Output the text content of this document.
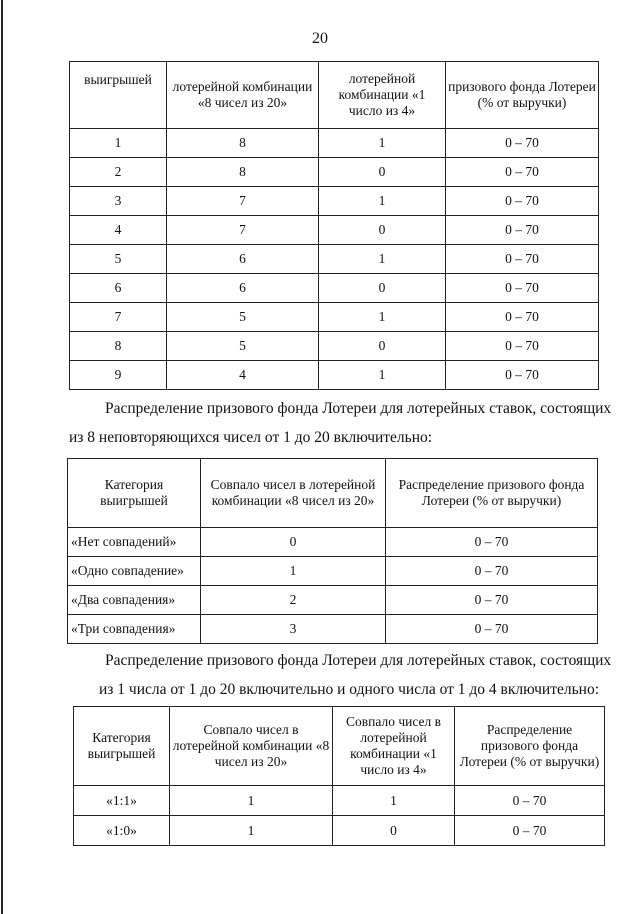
20
выигрышей	лотерейной комбинации «8 чисел из 20»	лотерейной комбинации «1 число из 4»	призового фонда Лотереи (% от выручки)
1	8	1	0 – 70
2	8	0	0 – 70
3	7	1	0 – 70
4	7	0	0 – 70
5	6	1	0 – 70
6	6	0	0 – 70
7	5	1	0 – 70
8	5	0	0 – 70
9	4	1	0 – 70
Распределение призового фонда Лотереи для лотерейных ставок, состоящих
из 8 неповторяющихся чисел от 1 до 20 включительно:
Категория выигрышей	Совпало чисел в лотерейной комбинации «8 чисел из 20»	Распределение призового фонда Лотереи (% от выручки)
«Нет совпадений»	0	0 – 70
«Одно совпадение»	1	0 – 70
«Два совпадения»	2	0 – 70
«Три совпадения»	3	0 – 70
Распределение призового фонда Лотереи для лотерейных ставок, состоящих
из 1 числа от 1 до 20 включительно и одного числа от 1 до 4 включительно:
Категория выигрышей	Совпало чисел в лотерейной комбинации «8 чисел из 20»	Совпало чисел в лотерейной комбинации «1 число из 4»	Распределение призового фонда Лотереи (% от выручки)
«1:1»	1	1	0 – 70
«1:0»	1	0	0 – 70
